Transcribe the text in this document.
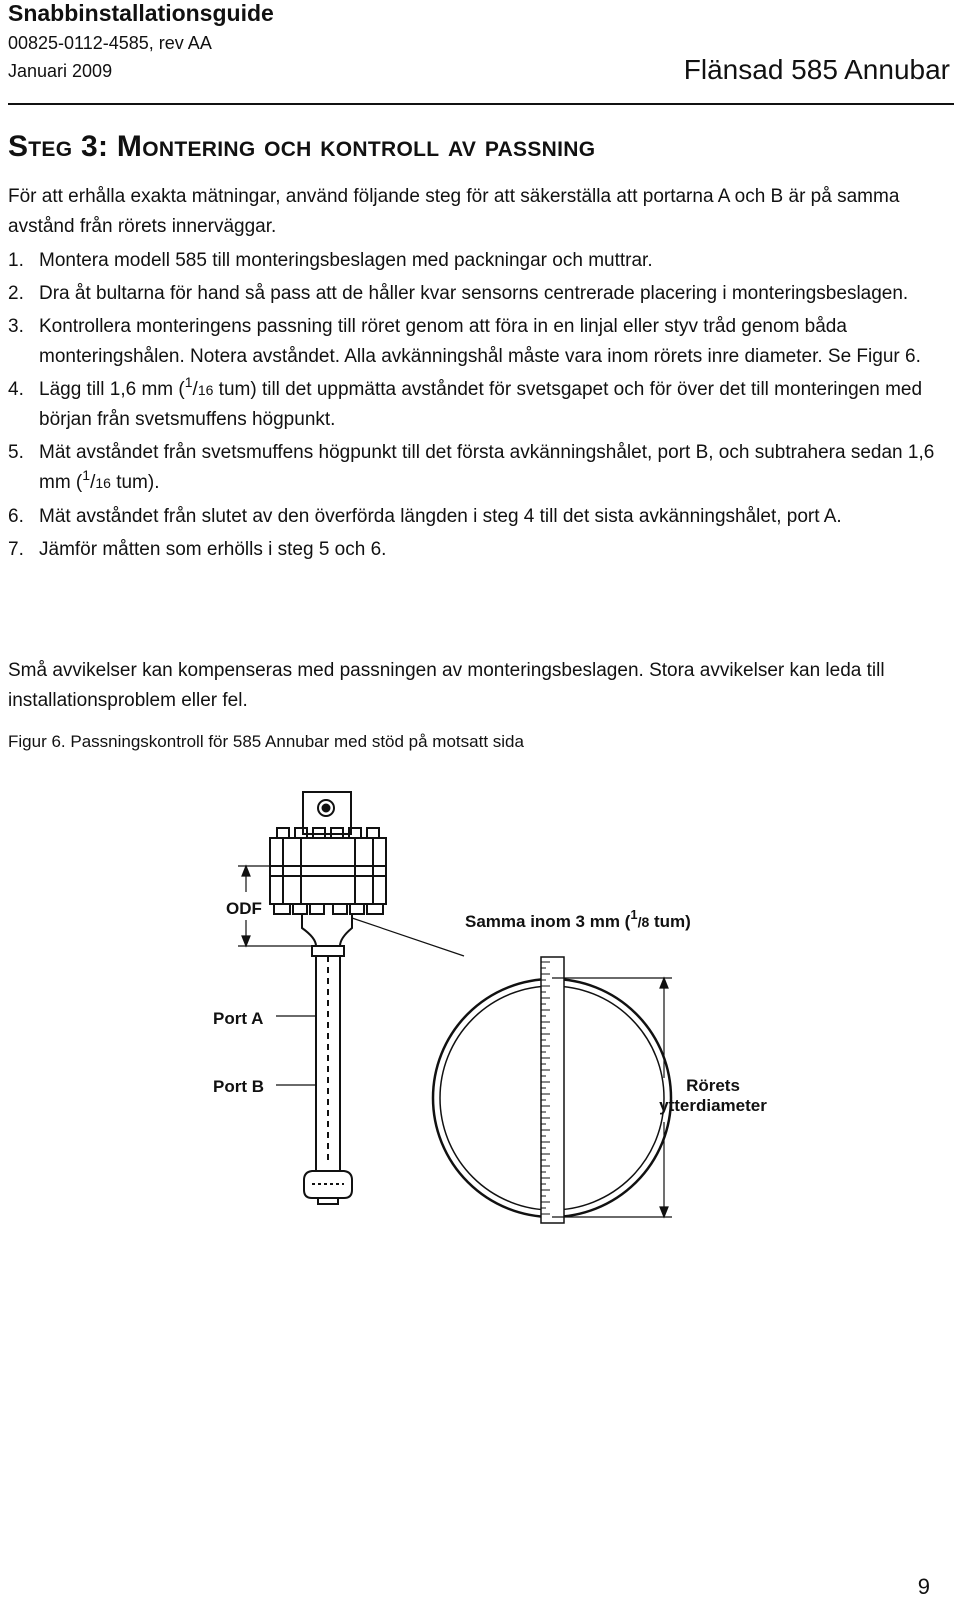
Snabbinstallationsguide
00825-0112-4585, rev AA
Januari 2009	Flänsad 585 Annubar
Steg 3: Montering och kontroll av passning
För att erhålla exakta mätningar, använd följande steg för att säkerställa att portarna A och B är på samma avstånd från rörets innerväggar.
1. Montera modell 585 till monteringsbeslagen med packningar och muttrar.
2. Dra åt bultarna för hand så pass att de håller kvar sensorns centrerade placering i monteringsbeslagen.
3. Kontrollera monteringens passning till röret genom att föra in en linjal eller styv tråd genom båda monteringshålen. Notera avståndet. Alla avkänningshål måste vara inom rörets inre diameter. Se Figur 6.
4. Lägg till 1,6 mm ($^1$/16 tum) till det uppmätta avståndet för svetsgapet och för över det till monteringen med början från svetsmuffens högpunkt.
5. Mät avståndet från svetsmuffens högpunkt till det första avkänningshålet, port B, och subtrahera sedan 1,6 mm ($^1$/16 tum).
6. Mät avståndet från slutet av den överförda längden i steg 4 till det sista avkänningshålet, port A.
7. Jämför måtten som erhölls i steg 5 och 6.
Små avvikelser kan kompenseras med passningen av monteringsbeslagen. Stora avvikelser kan leda till installationsproblem eller fel.
Figur 6. Passningskontroll för 585 Annubar med stöd på motsatt sida
ODF
Port A
Port B
Samma inom 3 mm ($^1_{/8}$ tum)
Rörets
ytterdiameter
9
